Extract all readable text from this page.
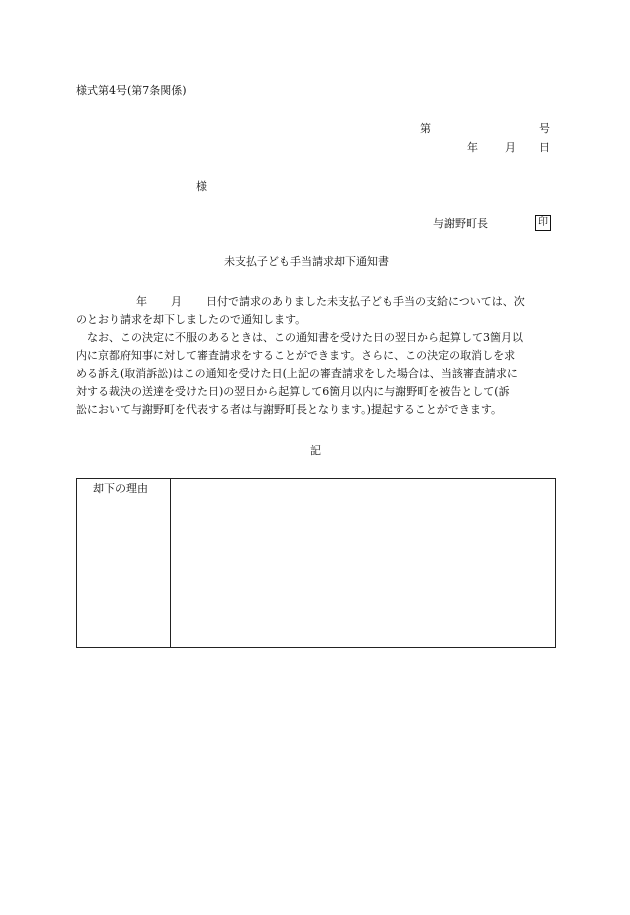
様式第4号(第7条関係)
第	号
年 月 日
様
与謝野町長	印
未支払子ども手当請求却下通知書
年 月 日付で請求のありました未支払子ども手当の支給については、次
のとおり請求を却下しましたので通知します。
　なお、この決定に不服のあるときは、この通知書を受けた日の翌日から起算して3箇月以
内に京都府知事に対して審査請求をすることができます。さらに、この決定の取消しを求
める訴え(取消訴訟)はこの通知を受けた日(上記の審査請求をした場合は、当該審査請求に
対する裁決の送達を受けた日)の翌日から起算して6箇月以内に与謝野町を被告として(訴
訟において与謝野町を代表する者は与謝野町長となります。)提起することができます。
記
却下の理由
